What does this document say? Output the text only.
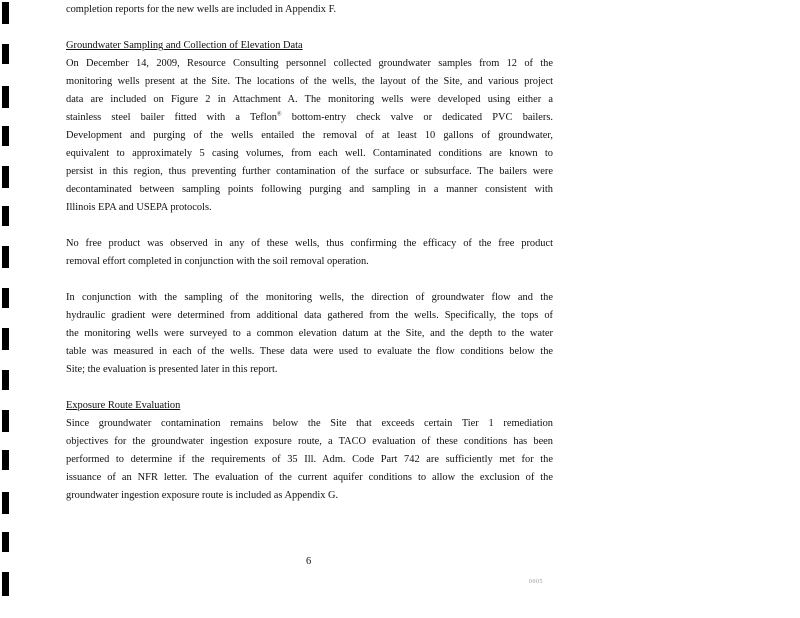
completion reports for the new wells are included in Appendix F.
Groundwater Sampling and Collection of Elevation Data
On December 14, 2009, Resource Consulting personnel collected groundwater samples from 12 of the
monitoring wells present at the Site. The locations of the wells, the layout of the Site, and various project
data are included on Figure 2 in Attachment A. The monitoring wells were developed using either a
stainless steel bailer fitted with a Teflon® bottom-entry check valve or dedicated PVC bailers.
Development and purging of the wells entailed the removal of at least 10 gallons of groundwater,
equivalent to approximately 5 casing volumes, from each well. Contaminated conditions are known to
persist in this region, thus preventing further contamination of the surface or subsurface. The bailers were
decontaminated between sampling points following purging and sampling in a manner consistent with
Illinois EPA and USEPA protocols.
No free product was observed in any of these wells, thus confirming the efficacy of the free product
removal effort completed in conjunction with the soil removal operation.
In conjunction with the sampling of the monitoring wells, the direction of groundwater flow and the
hydraulic gradient were determined from additional data gathered from the wells. Specifically, the tops of
the monitoring wells were surveyed to a common elevation datum at the Site, and the depth to the water
table was measured in each of the wells. These data were used to evaluate the flow conditions below the
Site; the evaluation is presented later in this report.
Exposure Route Evaluation
Since groundwater contamination remains below the Site that exceeds certain Tier 1 remediation
objectives for the groundwater ingestion exposure route, a TACO evaluation of these conditions has been
performed to determine if the requirements of 35 Ill. Adm. Code Part 742 are sufficiently met for the
issuance of an NFR letter. The evaluation of the current aquifer conditions to allow the exclusion of the
groundwater ingestion exposure route is included as Appendix G.
6
0005
